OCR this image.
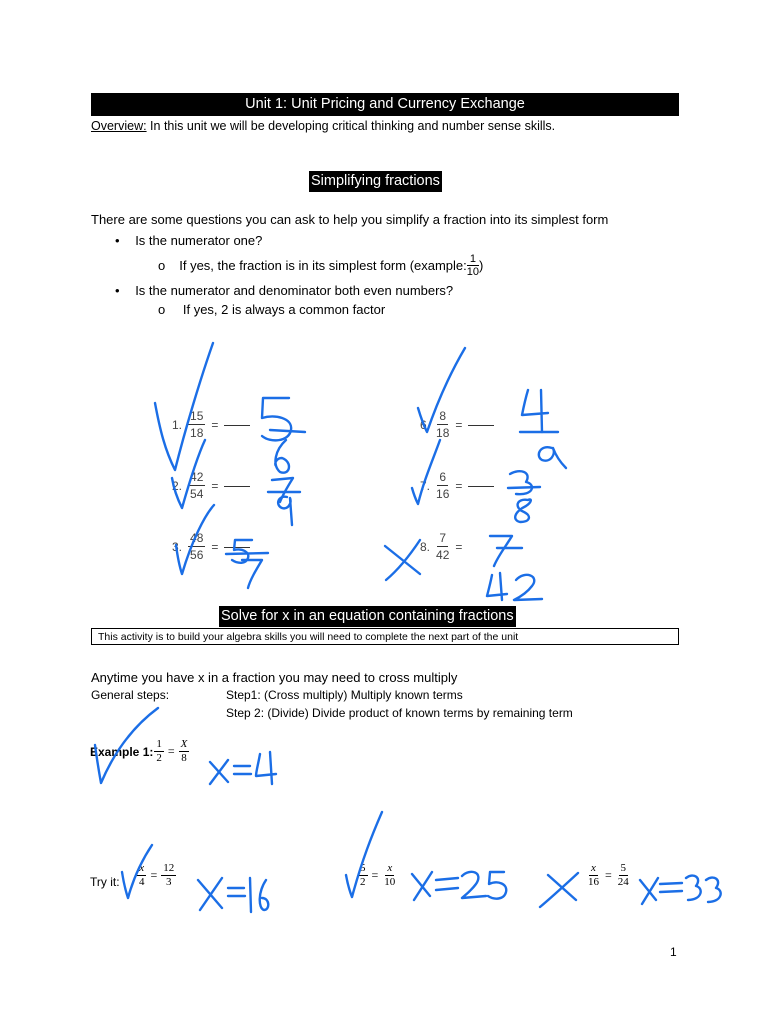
Unit 1: Unit Pricing and Currency Exchange
Overview: In this unit we will be developing critical thinking and number sense skills.
Simplifying fractions
There are some questions you can ask to help you simplify a fraction into its simplest form
• Is the numerator one?
o If yes, the fraction is in its simplest form (example: $\frac{1}{10}$ )
• Is the numerator and denominator both even numbers?
o If yes, 2 is always a common factor
1. $\frac{15}{18}$ =
2. $\frac{42}{54}$ =
3. $\frac{48}{56}$ =
6. $\frac{8}{18}$ =
7. $\frac{6}{16}$ =
8. $\frac{7}{42}$ =
Solve for x in an equation containing fractions
This activity is to build your algebra skills you will need to complete the next part of the unit
Anytime you have x in a fraction you may need to cross multiply
General steps:	Step1: (Cross multiply) Multiply known terms
Step 2: (Divide) Divide product of known terms by remaining term
Example 1: $\frac{1}{2} = \frac{X}{8}$
Try it: $\frac{x}{4} = \frac{12}{3}$	$\frac{5}{2} = \frac{x}{10}$	$\frac{x}{16} = \frac{5}{24}$
1
